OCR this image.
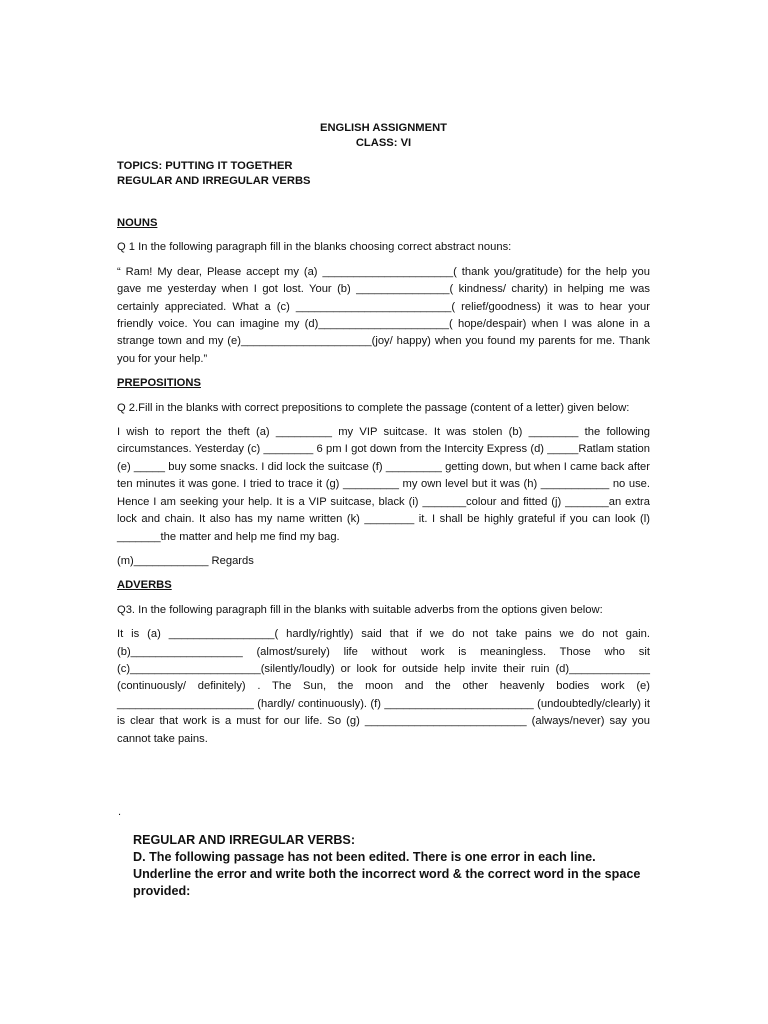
ENGLISH ASSIGNMENT

CLASS: VI

TOPICS: PUTTING IT TOGETHER

REGULAR AND IRREGULAR VERBS

NOUNS

Q 1 In the following paragraph fill in the blanks choosing correct abstract nouns:

“ Ram! My dear, Please accept my (a) _____________________( thank you/gratitude) for the help you gave me yesterday when I got lost. Your (b) _______________( kindness/ charity) in helping me was certainly appreciated. What a (c) _________________________( relief/goodness) it was to hear your friendly voice. You can imagine my (d)_____________________( hope/despair) when I was alone in a strange town and my (e)_____________________(joy/ happy) when you found my parents for me. Thank you for your help.”

PREPOSITIONS

Q 2.Fill in the blanks with correct prepositions to complete the passage (content of a letter) given below:

I wish to report the theft (a) _________ my VIP suitcase. It was stolen (b) ________ the following circumstances. Yesterday (c) ________ 6 pm I got down from the Intercity Express (d) _____Ratlam station (e) _____ buy some snacks. I did lock the suitcase (f) _________ getting down, but when I came back after ten minutes it was gone. I tried to trace it (g) _________ my own level but it was (h) ___________ no use. Hence I am seeking your help. It is a VIP suitcase, black (i) _______colour and fitted (j) _______an extra lock and chain. It also has my name written (k) ________ it. I shall be highly grateful if you can look (l) _______the matter and help me find my bag.

(m)____________ Regards

ADVERBS

Q3. In the following paragraph fill in the blanks with suitable adverbs from the options given below:

It is (a) _________________( hardly/rightly) said that if we do not take pains we do not gain. (b)__________________ (almost/surely) life without work is meaningless. Those who sit (c)_____________________(silently/loudly) or look for outside help invite their ruin (d)_____________ (continuously/ definitely) . The Sun, the moon and the other heavenly bodies work (e) ______________________ (hardly/ continuously). (f) ________________________ (undoubtedly/clearly) it is clear that work is a must for our life. So (g) __________________________ (always/never) say you cannot take pains.

.

REGULAR AND IRREGULAR VERBS:

D. The following passage has not been edited. There is one error in each line. Underline the error and write both the incorrect word & the correct word in the space provided:
